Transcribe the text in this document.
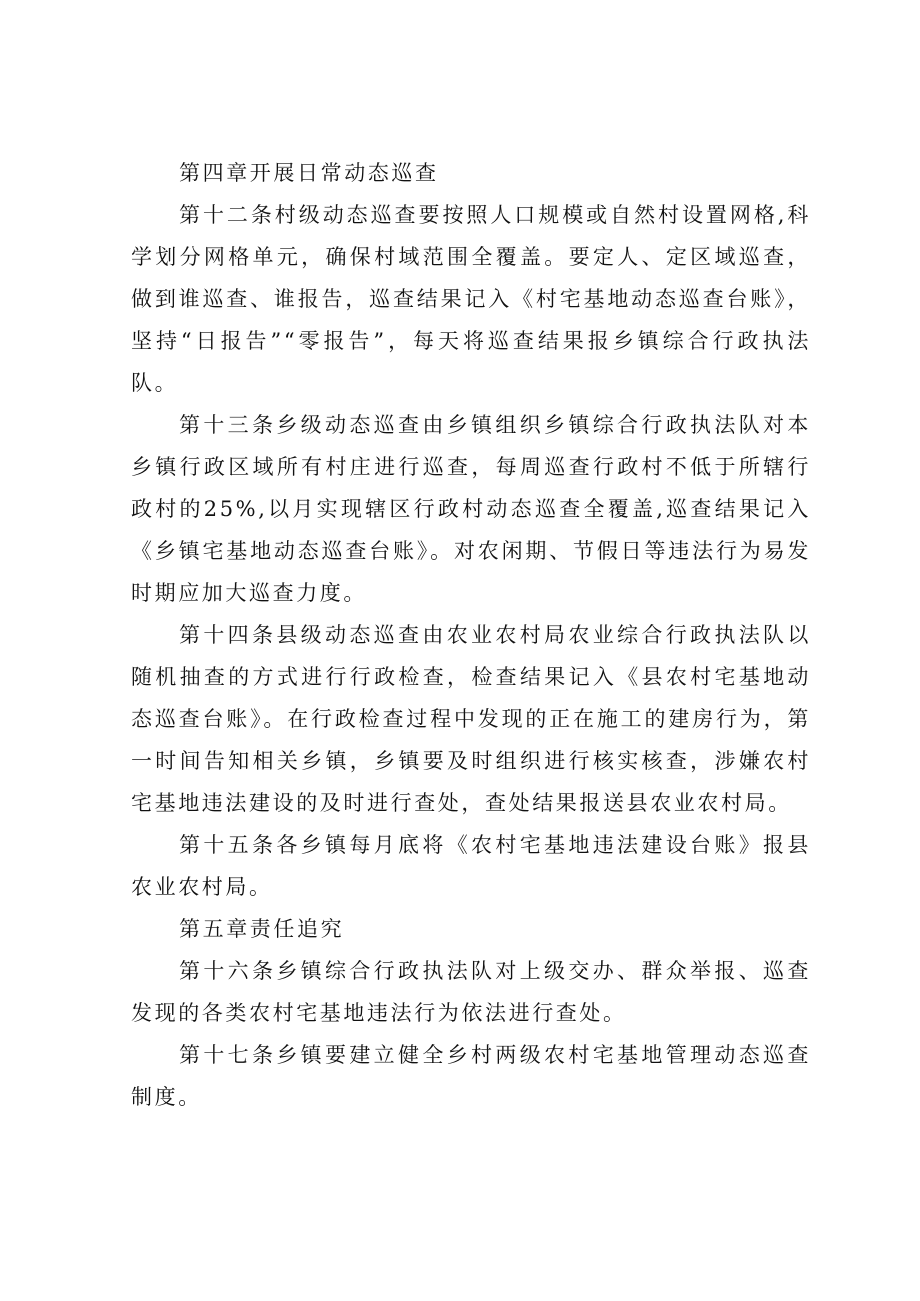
第四章开展日常动态巡查

第十二条村级动态巡查要按照人口规模或自然村设置网格,科学划分网格单元，确保村域范围全覆盖。要定人、定区域巡查，做到谁巡查、谁报告，巡查结果记入《村宅基地动态巡查台账》，坚持“日报告”“零报告”，每天将巡查结果报乡镇综合行政执法队。

第十三条乡级动态巡查由乡镇组织乡镇综合行政执法队对本乡镇行政区域所有村庄进行巡查，每周巡查行政村不低于所辖行政村的25%,以月实现辖区行政村动态巡查全覆盖,巡查结果记入《乡镇宅基地动态巡查台账》。对农闲期、节假日等违法行为易发时期应加大巡查力度。

第十四条县级动态巡查由农业农村局农业综合行政执法队以随机抽查的方式进行行政检查，检查结果记入《县农村宅基地动态巡查台账》。在行政检查过程中发现的正在施工的建房行为，第一时间告知相关乡镇，乡镇要及时组织进行核实核查，涉嫌农村宅基地违法建设的及时进行查处，查处结果报送县农业农村局。

第十五条各乡镇每月底将《农村宅基地违法建设台账》报县农业农村局。

第五章责任追究

第十六条乡镇综合行政执法队对上级交办、群众举报、巡查发现的各类农村宅基地违法行为依法进行查处。

第十七条乡镇要建立健全乡村两级农村宅基地管理动态巡查制度。
